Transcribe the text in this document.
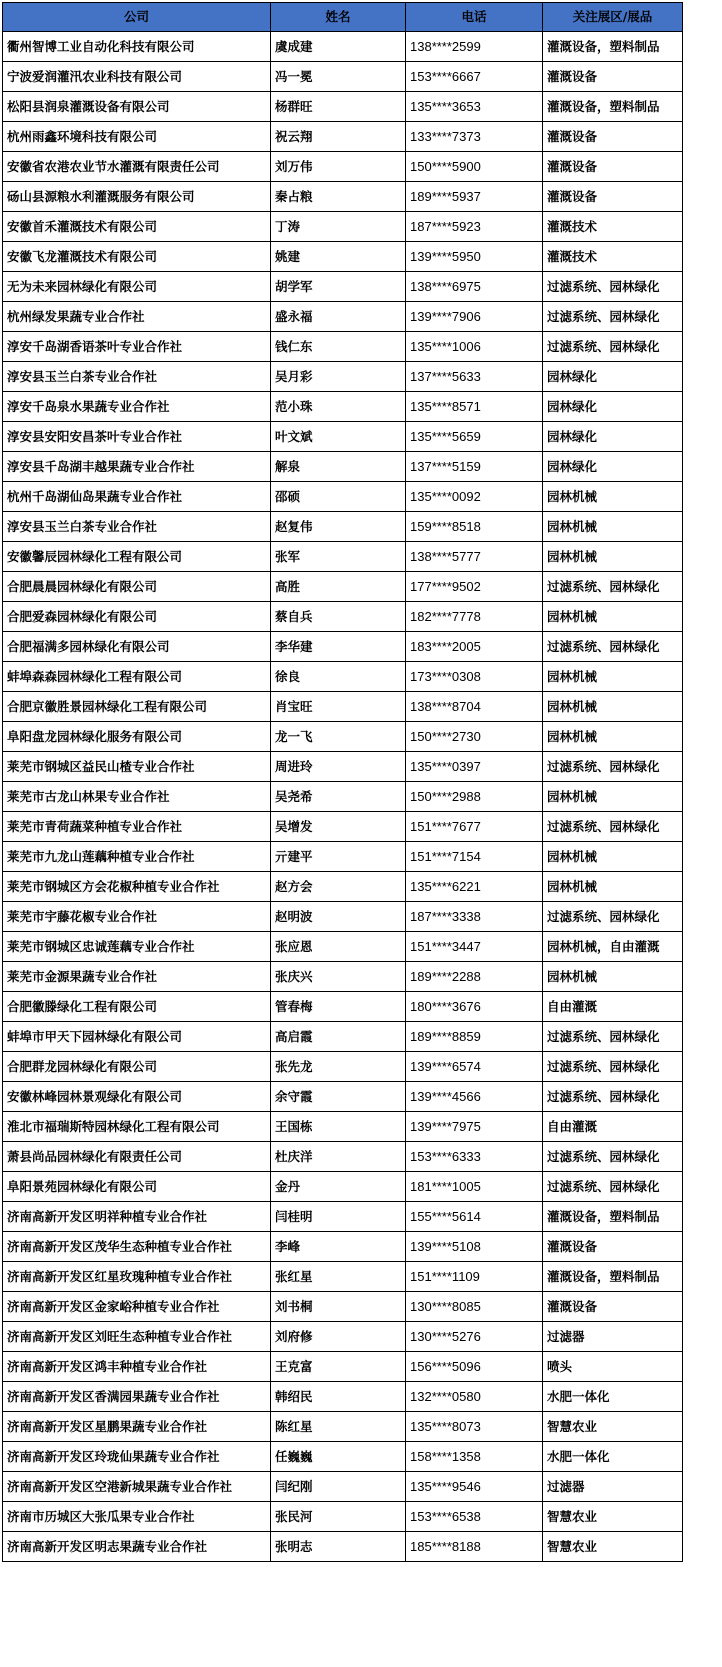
公司	姓名	电话	关注展区/展品
衢州智博工业自动化科技有限公司	虞成建	138****2599	灌溉设备，塑料制品
宁波爱润灌汛农业科技有限公司	冯一冕	153****6667	灌溉设备
松阳县润泉灌溉设备有限公司	杨群旺	135****3653	灌溉设备，塑料制品
杭州雨鑫环境科技有限公司	祝云翔	133****7373	灌溉设备
安徽省农港农业节水灌溉有限责任公司	刘万伟	150****5900	灌溉设备
砀山县源粮水利灌溉服务有限公司	秦占粮	189****5937	灌溉设备
安徽首禾灌溉技术有限公司	丁涛	187****5923	灌溉技术
安徽飞龙灌溉技术有限公司	姚建	139****5950	灌溉技术
无为未来园林绿化有限公司	胡学军	138****6975	过滤系统、园林绿化
杭州绿发果蔬专业合作社	盛永福	139****7906	过滤系统、园林绿化
淳安千岛湖香语茶叶专业合作社	钱仁东	135****1006	过滤系统、园林绿化
淳安县玉兰白茶专业合作社	吴月彩	137****5633	园林绿化
淳安千岛泉水果蔬专业合作社	范小珠	135****8571	园林绿化
淳安县安阳安昌茶叶专业合作社	叶文斌	135****5659	园林绿化
淳安县千岛湖丰越果蔬专业合作社	解泉	137****5159	园林绿化
杭州千岛湖仙岛果蔬专业合作社	邵硕	135****0092	园林机械
淳安县玉兰白茶专业合作社	赵复伟	159****8518	园林机械
安徽馨辰园林绿化工程有限公司	张军	138****5777	园林机械
合肥晨晨园林绿化有限公司	高胜	177****9502	过滤系统、园林绿化
合肥爱森园林绿化有限公司	蔡自兵	182****7778	园林机械
合肥福满多园林绿化有限公司	李华建	183****2005	过滤系统、园林绿化
蚌埠森森园林绿化工程有限公司	徐良	173****0308	园林机械
合肥京徽胜景园林绿化工程有限公司	肖宝旺	138****8704	园林机械
阜阳盘龙园林绿化服务有限公司	龙一飞	150****2730	园林机械
莱芜市钢城区益民山楂专业合作社	周进玲	135****0397	过滤系统、园林绿化
莱芜市古龙山林果专业合作社	吴尧希	150****2988	园林机械
莱芜市青荷蔬菜种植专业合作社	吴增发	151****7677	过滤系统、园林绿化
莱芜市九龙山莲藕种植专业合作社	亓建平	151****7154	园林机械
莱芜市钢城区方会花椒种植专业合作社	赵方会	135****6221	园林机械
莱芜市宇藤花椒专业合作社	赵明波	187****3338	过滤系统、园林绿化
莱芜市钢城区忠诚莲藕专业合作社	张应恩	151****3447	园林机械，自由灌溉
莱芜市金源果蔬专业合作社	张庆兴	189****2288	园林机械
合肥徽滕绿化工程有限公司	管春梅	180****3676	自由灌溉
蚌埠市甲天下园林绿化有限公司	高启霞	189****8859	过滤系统、园林绿化
合肥群龙园林绿化有限公司	张先龙	139****6574	过滤系统、园林绿化
安徽林峰园林景观绿化有限公司	余守霞	139****4566	过滤系统、园林绿化
淮北市福瑞斯特园林绿化工程有限公司	王国栋	139****7975	自由灌溉
萧县尚品园林绿化有限责任公司	杜庆洋	153****6333	过滤系统、园林绿化
阜阳景苑园林绿化有限公司	金丹	181****1005	过滤系统、园林绿化
济南高新开发区明祥种植专业合作社	闫桂明	155****5614	灌溉设备，塑料制品
济南高新开发区茂华生态种植专业合作社	李峰	139****5108	灌溉设备
济南高新开发区红星玫瑰种植专业合作社	张红星	151****1109	灌溉设备，塑料制品
济南高新开发区金家峪种植专业合作社	刘书桐	130****8085	灌溉设备
济南高新开发区刘旺生态种植专业合作社	刘府修	130****5276	过滤器
济南高新开发区鸿丰种植专业合作社	王克富	156****5096	喷头
济南高新开发区香满园果蔬专业合作社	韩绍民	132****0580	水肥一体化
济南高新开发区星鹏果蔬专业合作社	陈红星	135****8073	智慧农业
济南高新开发区玲珑仙果蔬专业合作社	任巍巍	158****1358	水肥一体化
济南高新开发区空港新城果蔬专业合作社	闫纪刚	135****9546	过滤器
济南市历城区大张瓜果专业合作社	张民河	153****6538	智慧农业
济南高新开发区明志果蔬专业合作社	张明志	185****8188	智慧农业
